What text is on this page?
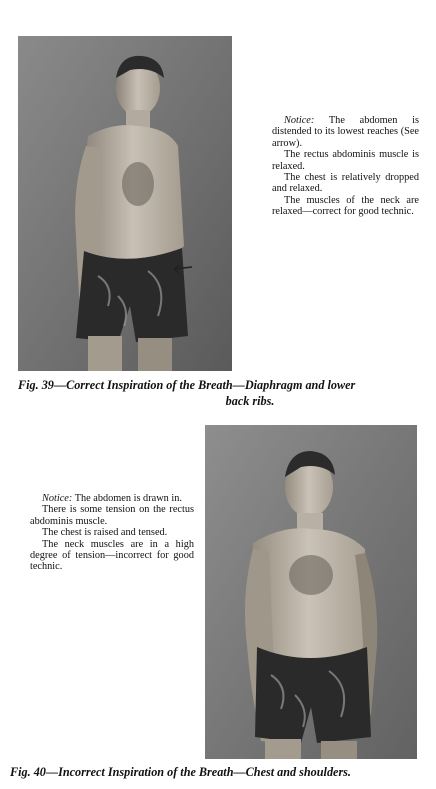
Notice: The abdomen is distended to its lowest reaches (See arrow).

The rectus abdominis muscle is relaxed.

The chest is relatively dropped and relaxed.

The muscles of the neck are relaxed—correct for good technic.

Fig. 39—Correct Inspiration of the Breath—Diaphragm and lower
back ribs.

Notice: The abdomen is drawn in.

There is some tension on the rectus abdominis muscle.

The chest is raised and tensed.

The neck muscles are in a high degree of tension—incorrect for good technic.

Fig. 40—Incorrect Inspiration of the Breath—Chest and shoulders.
